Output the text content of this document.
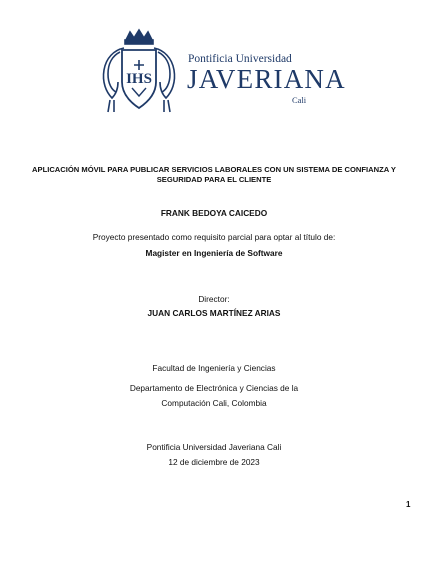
IHS
Pontificia Universidad
JAVERIANA
Cali
APLICACIÓN MÓVIL PARA PUBLICAR SERVICIOS LABORALES CON UN SISTEMA DE CONFIANZA Y
SEGURIDAD PARA EL CLIENTE
FRANK BEDOYA CAICEDO
Proyecto presentado como requisito parcial para optar al título de:
Magister en Ingeniería de Software
Director:
JUAN CARLOS MARTÍNEZ ARIAS
Facultad de Ingeniería y Ciencias
Departamento de Electrónica y Ciencias de la
Computación Cali, Colombia
Pontificia Universidad Javeriana Cali
12 de diciembre de 2023
1
